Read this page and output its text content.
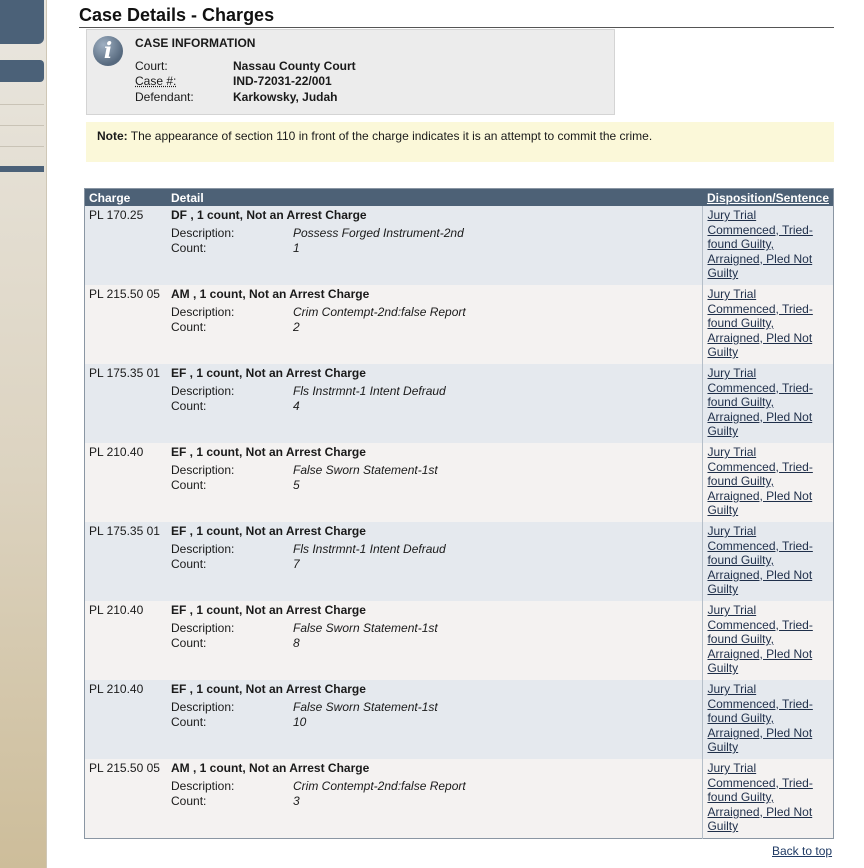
Case Details - Charges
i	CASE INFORMATION
Court:	Nassau County Court
Case #:	IND-72031-22/001
Defendant:	Karkowsky, Judah
Note: The appearance of section 110 in front of the charge indicates it is an attempt to commit the crime.
Charge	Detail	Disposition/Sentence
PL 170.25	DF , 1 count, Not an Arrest Charge
Description: Possess Forged Instrument-2nd
Count: 1	Jury Trial Commenced, Tried-found Guilty, Arraigned, Pled Not Guilty

PL 215.50 05	AM , 1 count, Not an Arrest Charge
Description: Crim Contempt-2nd:false Report
Count: 2	Jury Trial Commenced, Tried-found Guilty, Arraigned, Pled Not Guilty

PL 175.35 01	EF , 1 count, Not an Arrest Charge
Description: Fls Instrmnt-1 Intent Defraud
Count: 4	Jury Trial Commenced, Tried-found Guilty, Arraigned, Pled Not Guilty

PL 210.40	EF , 1 count, Not an Arrest Charge
Description: False Sworn Statement-1st
Count: 5	Jury Trial Commenced, Tried-found Guilty, Arraigned, Pled Not Guilty

PL 175.35 01	EF , 1 count, Not an Arrest Charge
Description: Fls Instrmnt-1 Intent Defraud
Count: 7	Jury Trial Commenced, Tried-found Guilty, Arraigned, Pled Not Guilty

PL 210.40	EF , 1 count, Not an Arrest Charge
Description: False Sworn Statement-1st
Count: 8	Jury Trial Commenced, Tried-found Guilty, Arraigned, Pled Not Guilty

PL 210.40	EF , 1 count, Not an Arrest Charge
Description: False Sworn Statement-1st
Count: 10	Jury Trial Commenced, Tried-found Guilty, Arraigned, Pled Not Guilty

PL 215.50 05	AM , 1 count, Not an Arrest Charge
Description: Crim Contempt-2nd:false Report
Count: 3	Jury Trial Commenced, Tried-found Guilty, Arraigned, Pled Not Guilty
Back to top
